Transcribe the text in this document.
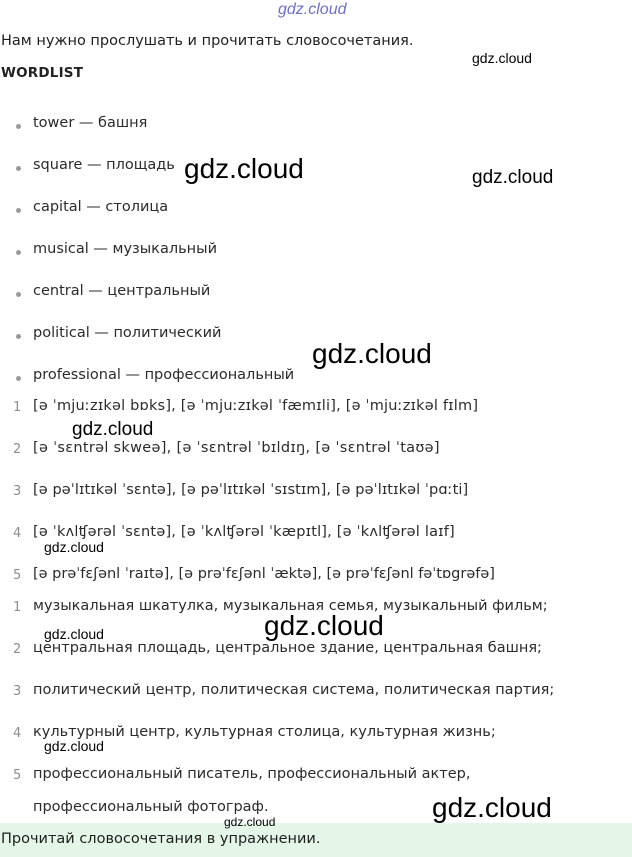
gdz.cloud
Нам нужно прослушать и прочитать словосочетания.
WORDLIST
tower — башня
square — площадь
capital — столица
musical — музыкальный
central — центральный
political — политический
professional — профессиональный
1 [ə ˈmjuːzɪkəl bɒks], [ə ˈmjuːzɪkəl ˈfæmɪli], [ə ˈmjuːzɪkəl fɪlm]
2 [ə ˈsɛntrəl skweə], [ə ˈsɛntrəl ˈbɪldɪŋ, [ə ˈsɛntrəl ˈtaʊə]
3 [ə pəˈlɪtɪkəl ˈsɛntə], [ə pəˈlɪtɪkəl ˈsɪstɪm], [ə pəˈlɪtɪkəl ˈpɑːti]
4 [ə ˈkʌlʧərəl ˈsɛntə], [ə ˈkʌlʧərəl ˈkæpɪtl], [ə ˈkʌlʧərəl laɪf]
5 [ə prəˈfɛʃənl ˈraɪtə], [ə prəˈfɛʃənl ˈæktə], [ə prəˈfɛʃənl fəˈtɒgrəfə]
1 музыкальная шкатулка, музыкальная семья, музыкальный фильм;
2 центральная площадь, центральное здание, центральная башня;
3 политический центр, политическая система, политическая партия;
4 культурный центр, культурная столица, культурная жизнь;
5 профессиональный писатель, профессиональный актер,
профессиональный фотограф.
Прочитай словосочетания в упражнении.
gdz.cloud
gdz.cloud	gdz.cloud
gdz.cloud
gdz.cloud
gdz.cloud
gdz.cloud
gdz.cloud
gdz.cloud
gdz.cloud
gdz.cloud
